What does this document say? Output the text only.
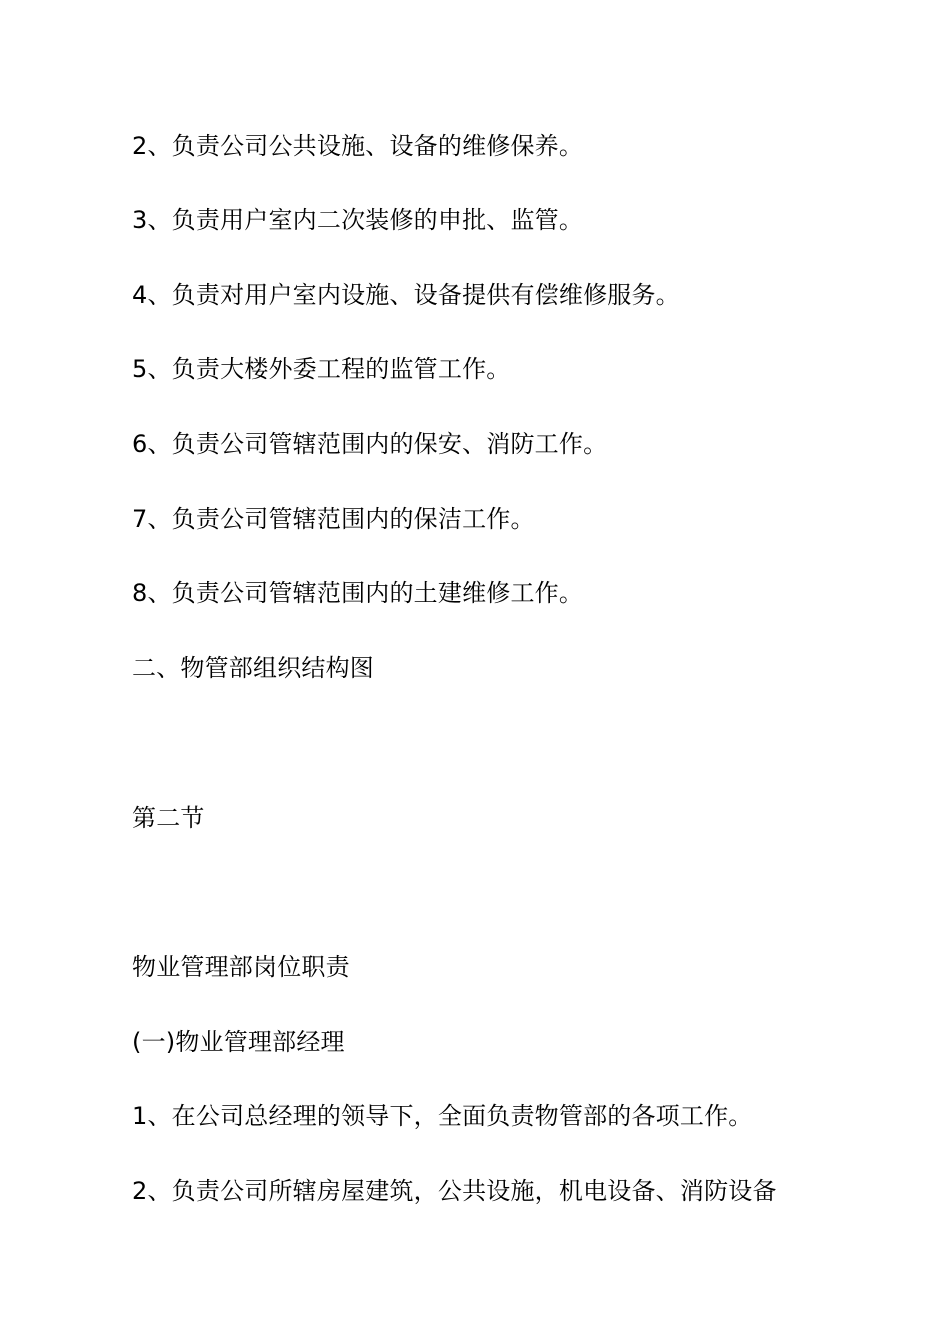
2、负责公司公共设施、设备的维修保养。
3、负责用户室内二次装修的申批、监管。
4、负责对用户室内设施、设备提供有偿维修服务。
5、负责大楼外委工程的监管工作。
6、负责公司管辖范围内的保安、消防工作。
7、负责公司管辖范围内的保洁工作。
8、负责公司管辖范围内的土建维修工作。
二、物管部组织结构图
第二节
物业管理部岗位职责
(一)物业管理部经理
1、在公司总经理的领导下，全面负责物管部的各项工作。
2、负责公司所辖房屋建筑，公共设施，机电设备、消防设备
